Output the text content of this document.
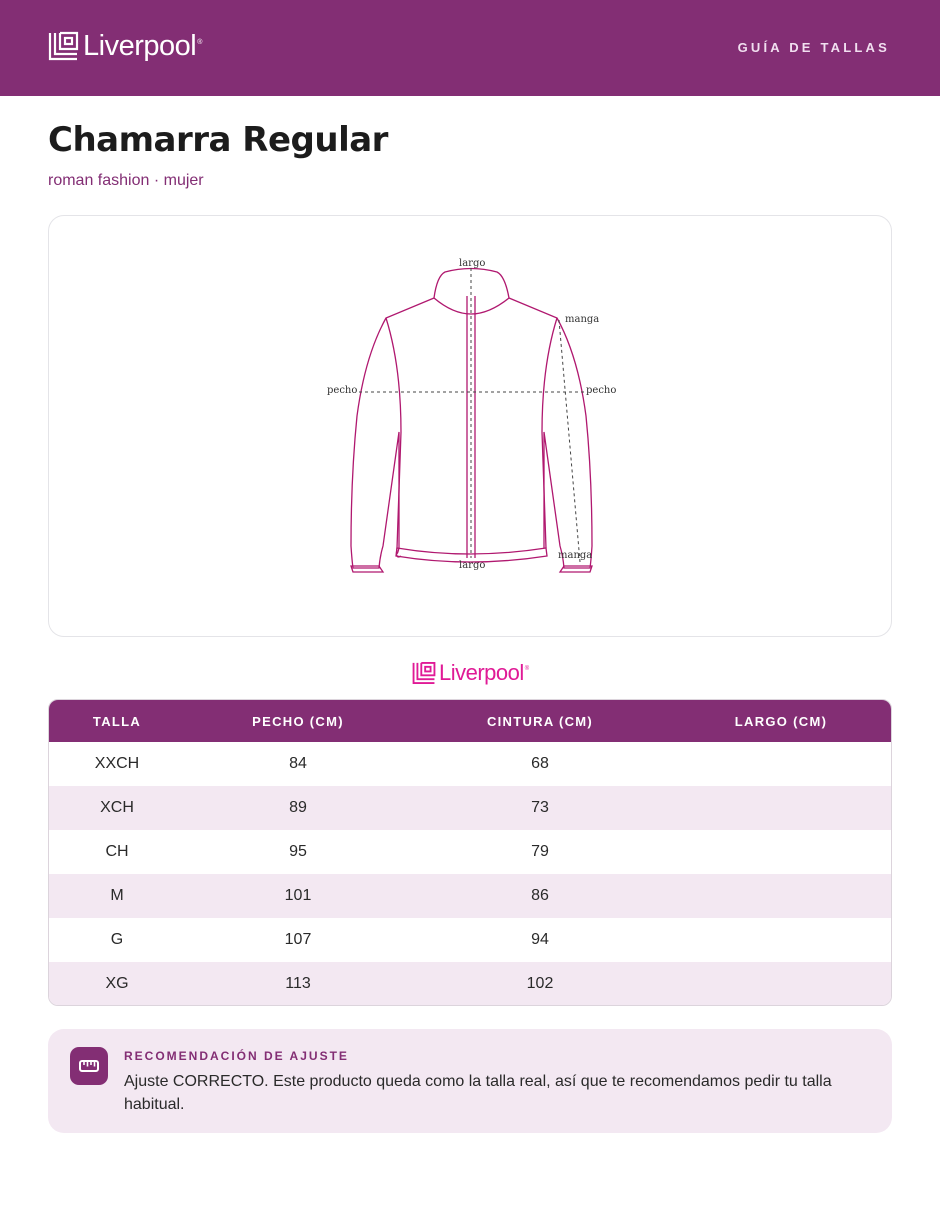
Liverpool ®	GUÍA DE TALLAS
Chamarra Regular
roman fashion · mujer
largo
manga
pecho	pecho
manga
largo
Liverpool ®
TALLA	PECHO (CM)	CINTURA (CM)	LARGO (CM)
XXCH	84	68	
XCH	89	73	
CH	95	79	
M	101	86	
G	107	94	
XG	113	102	
RECOMENDACIÓN DE AJUSTE
Ajuste CORRECTO. Este producto queda como la talla real, así que te recomendamos pedir tu talla habitual.
